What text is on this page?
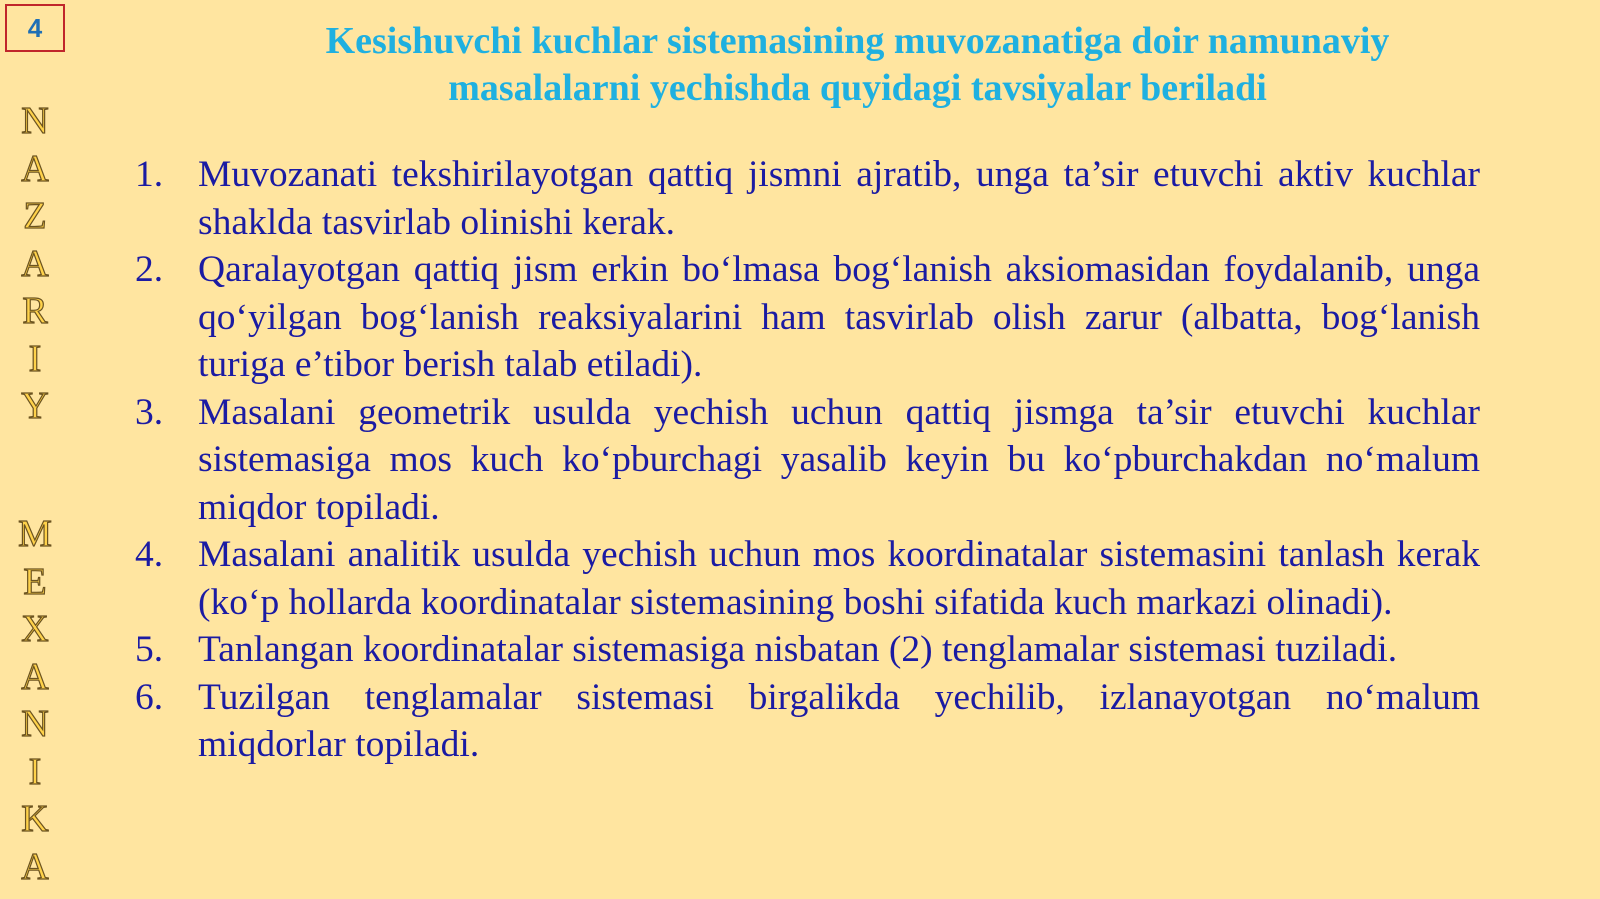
4
N
A
Z
A
R
I
Y
M
E
X
A
N
I
K
A
Kesishuvchi kuchlar sistemasining muvozanatiga doir namunaviy
masalalarni yechishda quyidagi tavsiyalar beriladi
1. Muvozanati tekshirilayotgan qattiq jismni ajratib, unga ta’sir etuvchi aktiv kuchlar shaklda tasvirlab olinishi kerak.
2. Qaralayotgan qattiq jism erkin bo‘lmasa bog‘lanish aksiomasidan foydalanib, unga qo‘yilgan bog‘lanish reaksiyalarini ham tasvirlab olish zarur (albatta, bog‘lanish turiga e’tibor berish talab etiladi).
3. Masalani geometrik usulda yechish uchun qattiq jismga ta’sir etuvchi kuchlar sistemasiga mos kuch ko‘pburchagi yasalib keyin bu ko‘pburchakdan no‘malum miqdor topiladi.
4. Masalani analitik usulda yechish uchun mos koordinatalar sistemasini tanlash kerak (ko‘p hollarda koordinatalar sistemasining boshi sifatida kuch markazi olinadi).
5. Tanlangan koordinatalar sistemasiga nisbatan (2) tenglamalar sistemasi tuziladi.
6. Tuzilgan tenglamalar sistemasi birgalikda yechilib, izlanayotgan no‘malum miqdorlar topiladi.
